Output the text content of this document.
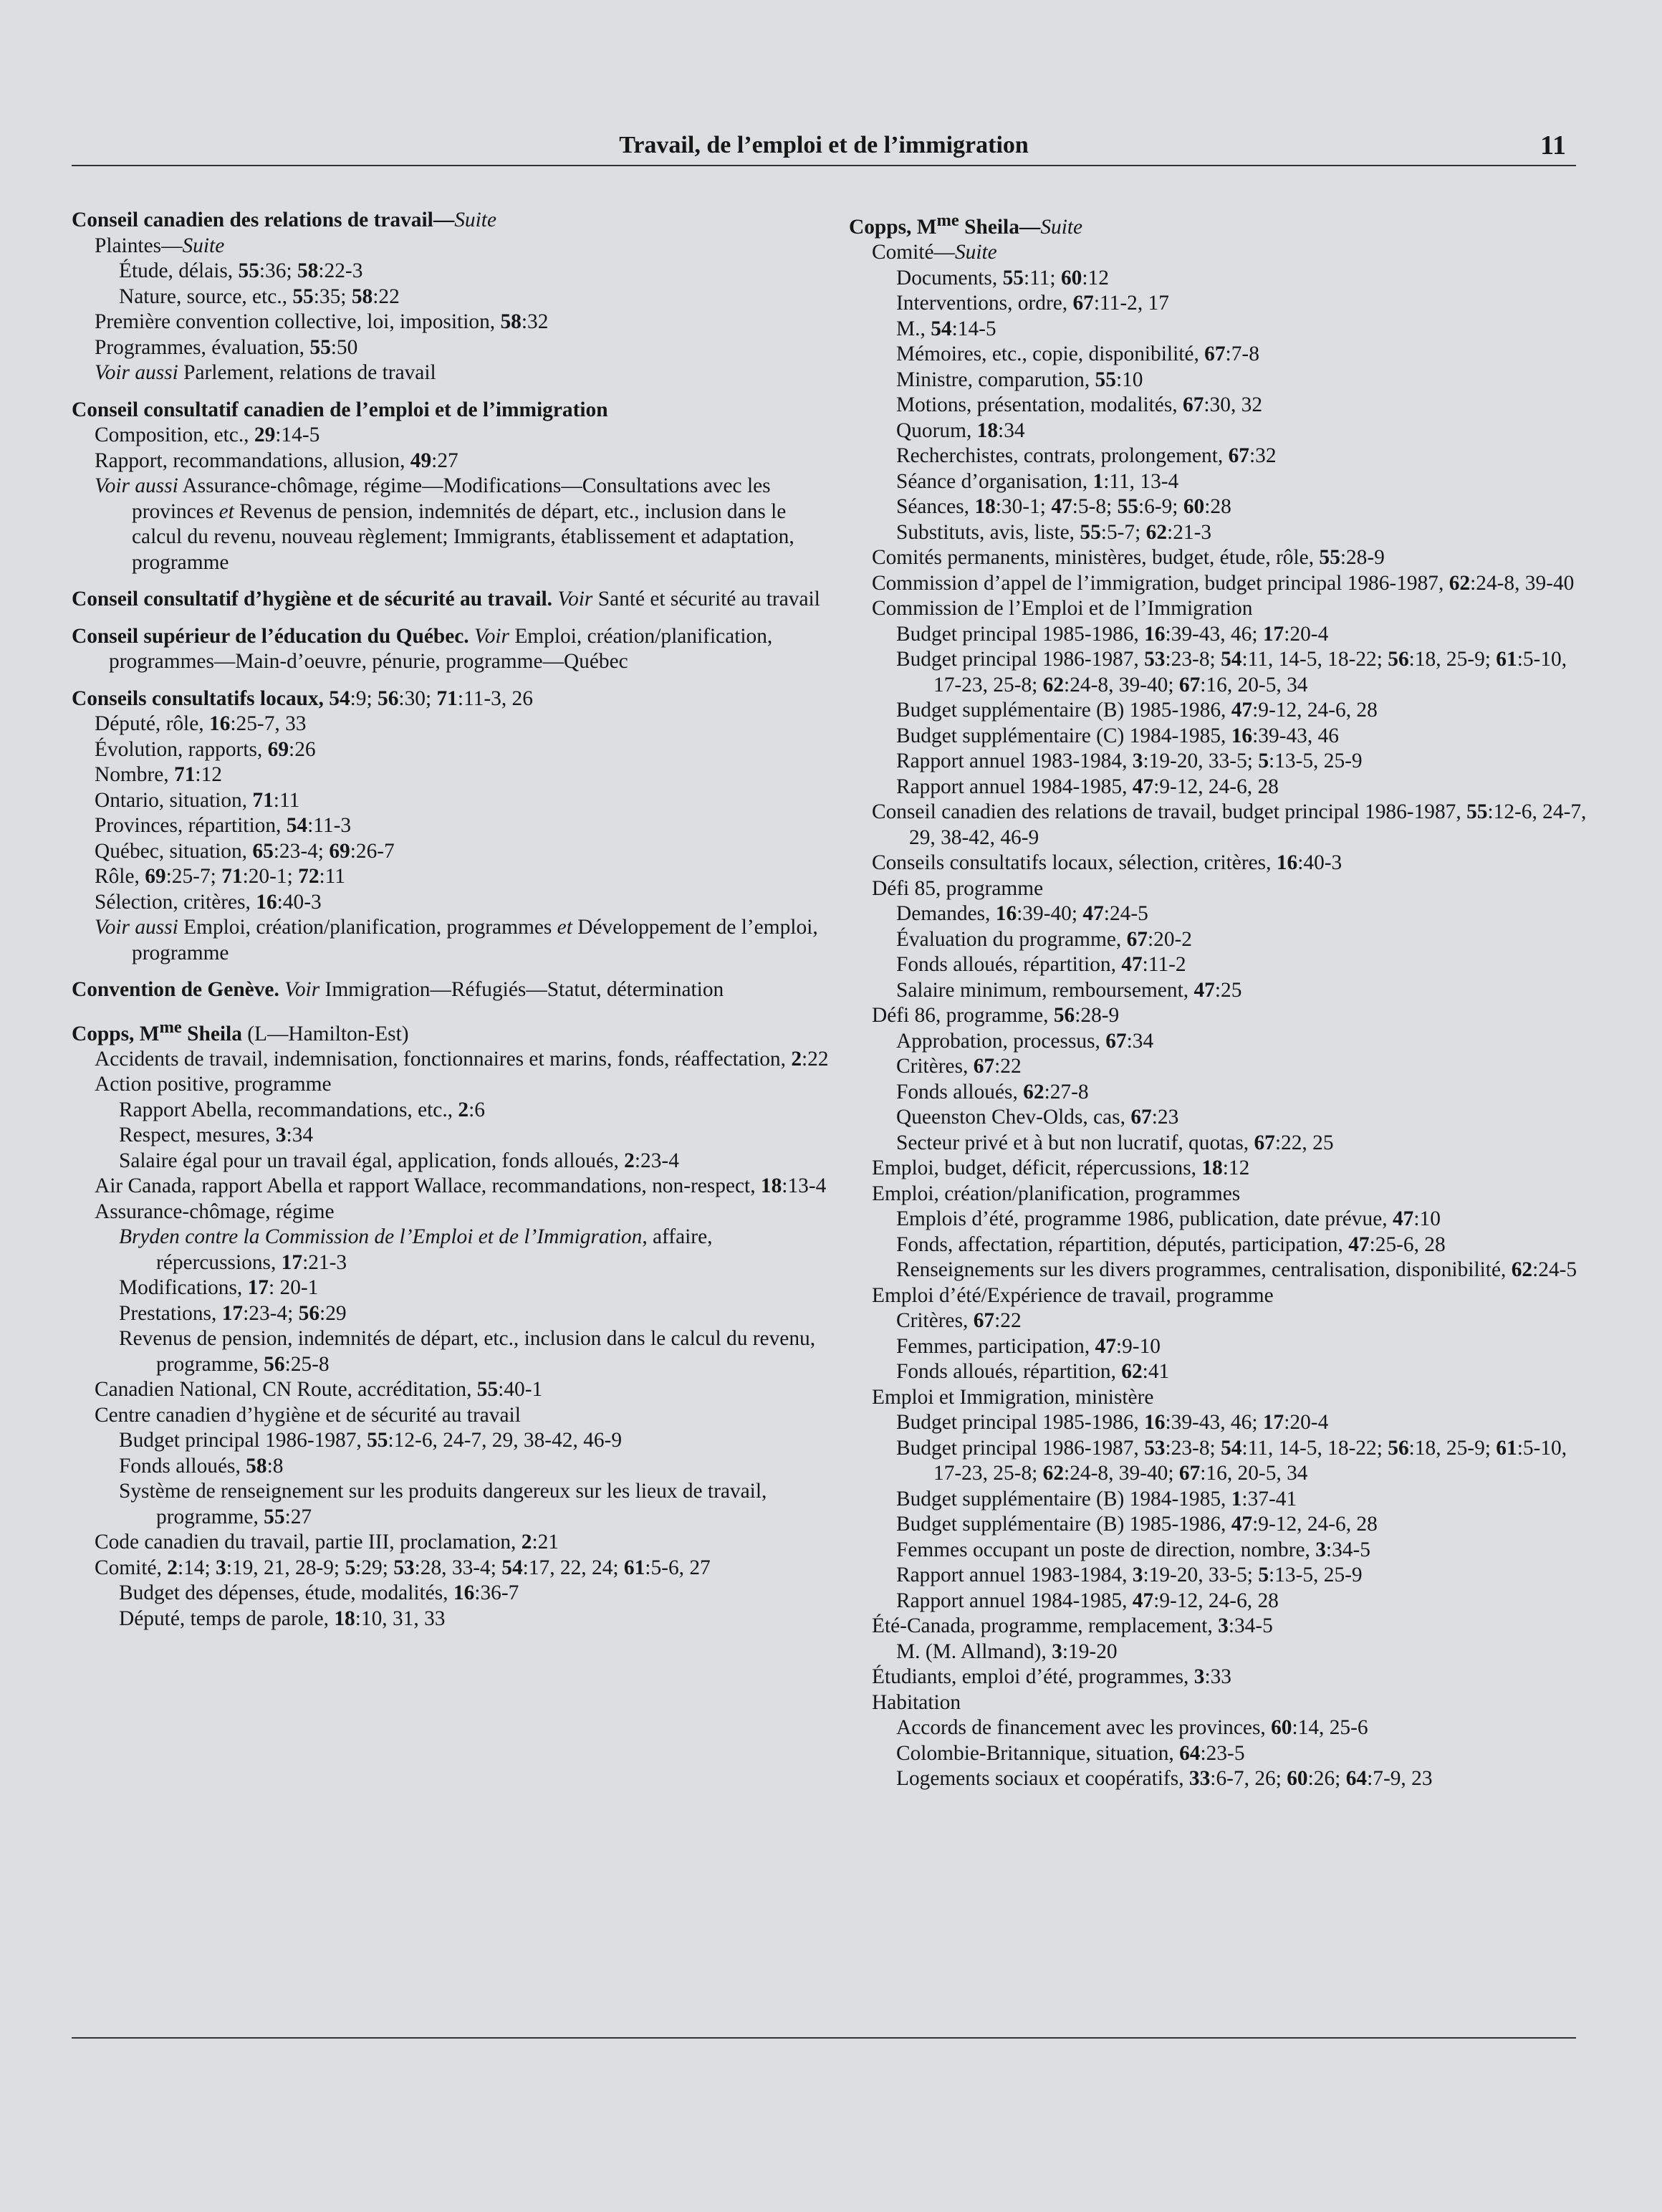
Travail, de l’emploi et de l’immigration	11
Conseil canadien des relations de travail—Suite
Plaintes—Suite
Étude, délais, 55:36; 58:22-3
Nature, source, etc., 55:35; 58:22
Première convention collective, loi, imposition, 58:32
Programmes, évaluation, 55:50
Voir aussi Parlement, relations de travail
Conseil consultatif canadien de l’emploi et de l’immigration
Composition, etc., 29:14-5
Rapport, recommandations, allusion, 49:27
Voir aussi Assurance-chômage, régime—Modifications—Consultations avec les provinces et Revenus de pension, indemnités de départ, etc., inclusion dans le calcul du revenu, nouveau règlement; Immigrants, établissement et adaptation, programme
Conseil consultatif d’hygiène et de sécurité au travail. Voir Santé et sécurité au travail
Conseil supérieur de l’éducation du Québec. Voir Emploi, création/planification, programmes—Main-d’oeuvre, pénurie, programme—Québec
Conseils consultatifs locaux, 54:9; 56:30; 71:11-3, 26
Député, rôle, 16:25-7, 33
Évolution, rapports, 69:26
Nombre, 71:12
Ontario, situation, 71:11
Provinces, répartition, 54:11-3
Québec, situation, 65:23-4; 69:26-7
Rôle, 69:25-7; 71:20-1; 72:11
Sélection, critères, 16:40-3
Voir aussi Emploi, création/planification, programmes et Développement de l’emploi, programme
Convention de Genève. Voir Immigration—Réfugiés—Statut, détermination
Copps, $M^{me}$ Sheila (L—Hamilton-Est)
Accidents de travail, indemnisation, fonctionnaires et marins, fonds, réaffectation, 2:22
Action positive, programme
Rapport Abella, recommandations, etc., 2:6
Respect, mesures, 3:34
Salaire égal pour un travail égal, application, fonds alloués, 2:23-4
Air Canada, rapport Abella et rapport Wallace, recommandations, non-respect, 18:13-4
Assurance-chômage, régime
Bryden contre la Commission de l’Emploi et de l’Immigration, affaire, répercussions, 17:21-3
Modifications, 17: 20-1
Prestations, 17:23-4; 56:29
Revenus de pension, indemnités de départ, etc., inclusion dans le calcul du revenu, programme, 56:25-8
Canadien National, CN Route, accréditation, 55:40-1
Centre canadien d’hygiène et de sécurité au travail
Budget principal 1986-1987, 55:12-6, 24-7, 29, 38-42, 46-9
Fonds alloués, 58:8
Système de renseignement sur les produits dangereux sur les lieux de travail, programme, 55:27
Code canadien du travail, partie III, proclamation, 2:21
Comité, 2:14; 3:19, 21, 28-9; 5:29; 53:28, 33-4; 54:17, 22, 24; 61:5-6, 27
Budget des dépenses, étude, modalités, 16:36-7
Député, temps de parole, 18:10, 31, 33
Copps, $M^{me}$ Sheila—Suite
Comité—Suite
Documents, 55:11; 60:12
Interventions, ordre, 67:11-2, 17
M., 54:14-5
Mémoires, etc., copie, disponibilité, 67:7-8
Ministre, comparution, 55:10
Motions, présentation, modalités, 67:30, 32
Quorum, 18:34
Recherchistes, contrats, prolongement, 67:32
Séance d’organisation, 1:11, 13-4
Séances, 18:30-1; 47:5-8; 55:6-9; 60:28
Substituts, avis, liste, 55:5-7; 62:21-3
Comités permanents, ministères, budget, étude, rôle, 55:28-9
Commission d’appel de l’immigration, budget principal 1986-1987, 62:24-8, 39-40
Commission de l’Emploi et de l’Immigration
Budget principal 1985-1986, 16:39-43, 46; 17:20-4
Budget principal 1986-1987, 53:23-8; 54:11, 14-5, 18-22; 56:18, 25-9; 61:5-10, 17-23, 25-8; 62:24-8, 39-40; 67:16, 20-5, 34
Budget supplémentaire (B) 1985-1986, 47:9-12, 24-6, 28
Budget supplémentaire (C) 1984-1985, 16:39-43, 46
Rapport annuel 1983-1984, 3:19-20, 33-5; 5:13-5, 25-9
Rapport annuel 1984-1985, 47:9-12, 24-6, 28
Conseil canadien des relations de travail, budget principal 1986-1987, 55:12-6, 24-7, 29, 38-42, 46-9
Conseils consultatifs locaux, sélection, critères, 16:40-3
Défi 85, programme
Demandes, 16:39-40; 47:24-5
Évaluation du programme, 67:20-2
Fonds alloués, répartition, 47:11-2
Salaire minimum, remboursement, 47:25
Défi 86, programme, 56:28-9
Approbation, processus, 67:34
Critères, 67:22
Fonds alloués, 62:27-8
Queenston Chev-Olds, cas, 67:23
Secteur privé et à but non lucratif, quotas, 67:22, 25
Emploi, budget, déficit, répercussions, 18:12
Emploi, création/planification, programmes
Emplois d’été, programme 1986, publication, date prévue, 47:10
Fonds, affectation, répartition, députés, participation, 47:25-6, 28
Renseignements sur les divers programmes, centralisation, disponibilité, 62:24-5
Emploi d’été/Expérience de travail, programme
Critères, 67:22
Femmes, participation, 47:9-10
Fonds alloués, répartition, 62:41
Emploi et Immigration, ministère
Budget principal 1985-1986, 16:39-43, 46; 17:20-4
Budget principal 1986-1987, 53:23-8; 54:11, 14-5, 18-22; 56:18, 25-9; 61:5-10, 17-23, 25-8; 62:24-8, 39-40; 67:16, 20-5, 34
Budget supplémentaire (B) 1984-1985, 1:37-41
Budget supplémentaire (B) 1985-1986, 47:9-12, 24-6, 28
Femmes occupant un poste de direction, nombre, 3:34-5
Rapport annuel 1983-1984, 3:19-20, 33-5; 5:13-5, 25-9
Rapport annuel 1984-1985, 47:9-12, 24-6, 28
Été-Canada, programme, remplacement, 3:34-5
M. (M. Allmand), 3:19-20
Étudiants, emploi d’été, programmes, 3:33
Habitation
Accords de financement avec les provinces, 60:14, 25-6
Colombie-Britannique, situation, 64:23-5
Logements sociaux et coopératifs, 33:6-7, 26; 60:26; 64:7-9, 23
